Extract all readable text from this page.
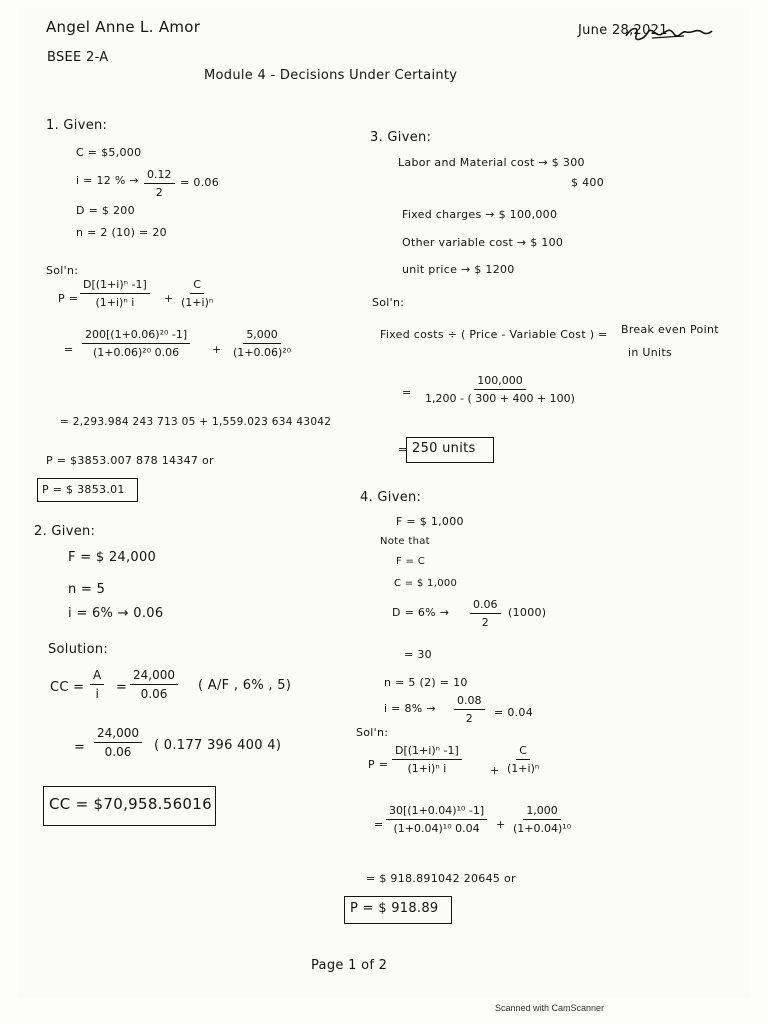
Angel Anne L. Amor
BSEE 2-A
June 28,2021
Module 4 - Decisions Under Certainty
1. Given:
C = $5,000
i = 12 % → $\frac{0.12}{2} = 0.06$
D = $ 200
n = 2 (10) = 20
Sol'n:
$P = \frac{\text{D[(1+i)ⁿ -1]}}{\text{(1+i)ⁿ i}} + \frac{C}{\text{(1+i)ⁿ}}$
= $\frac{\text{200[(1+0.06)²⁰ -1]}}{\text{(1+0.06)²⁰ 0.06}} + \frac{5,000}{\text{(1+0.06)²⁰}}$
= 2,293.984 243 713 05 + 1,559.023 634 43042
P = $3853.007 878 14347 or
P = $ 3853.01
2. Given:
F = $ 24,000
n = 5
i = 6% → 0.06
Solution:
CC = $\frac{A}{i} = \frac{24,000}{0.06}$ ( A/F , 6% , 5)
= $\frac{24,000}{0.06}$ ( 0.177 396 400 4)
CC = $70,958.56016
3. Given:
Labor and Material cost → $ 300
$ 400
Fixed charges → $ 100,000
Other variable cost → $ 100
unit price → $ 1200
Sol'n:
Fixed costs ÷ ( Price - Variable Cost ) = Break even Point
in Units
= $\frac{100,000}{1,200 - ( 300 + 400 + 100)}$
= 250 units
4. Given:
F = $ 1,000
Note that
F = C
C = $ 1,000
$D = 6\% \to \frac{0.06}{2} (1000)$
= 30
n = 5 (2) = 10
$i = 8\% \to \frac{0.08}{2} = 0.04$
Sol'n:
$P = \frac{\text{D[(1+i)ⁿ -1]}}{\text{(1+i)ⁿ i}}$	+ $\frac{C}{\text{(1+i)ⁿ}}$
= $\frac{\text{30[(1+0.04)¹⁰ -1]}}{\text{(1+0.04)¹⁰ 0.04}} + \frac{1,000}{\text{(1+0.04)¹⁰}}$
= $ 918.891042 20645 or
P = $ 918.89
Page 1 of 2
Scanned with CamScanner
